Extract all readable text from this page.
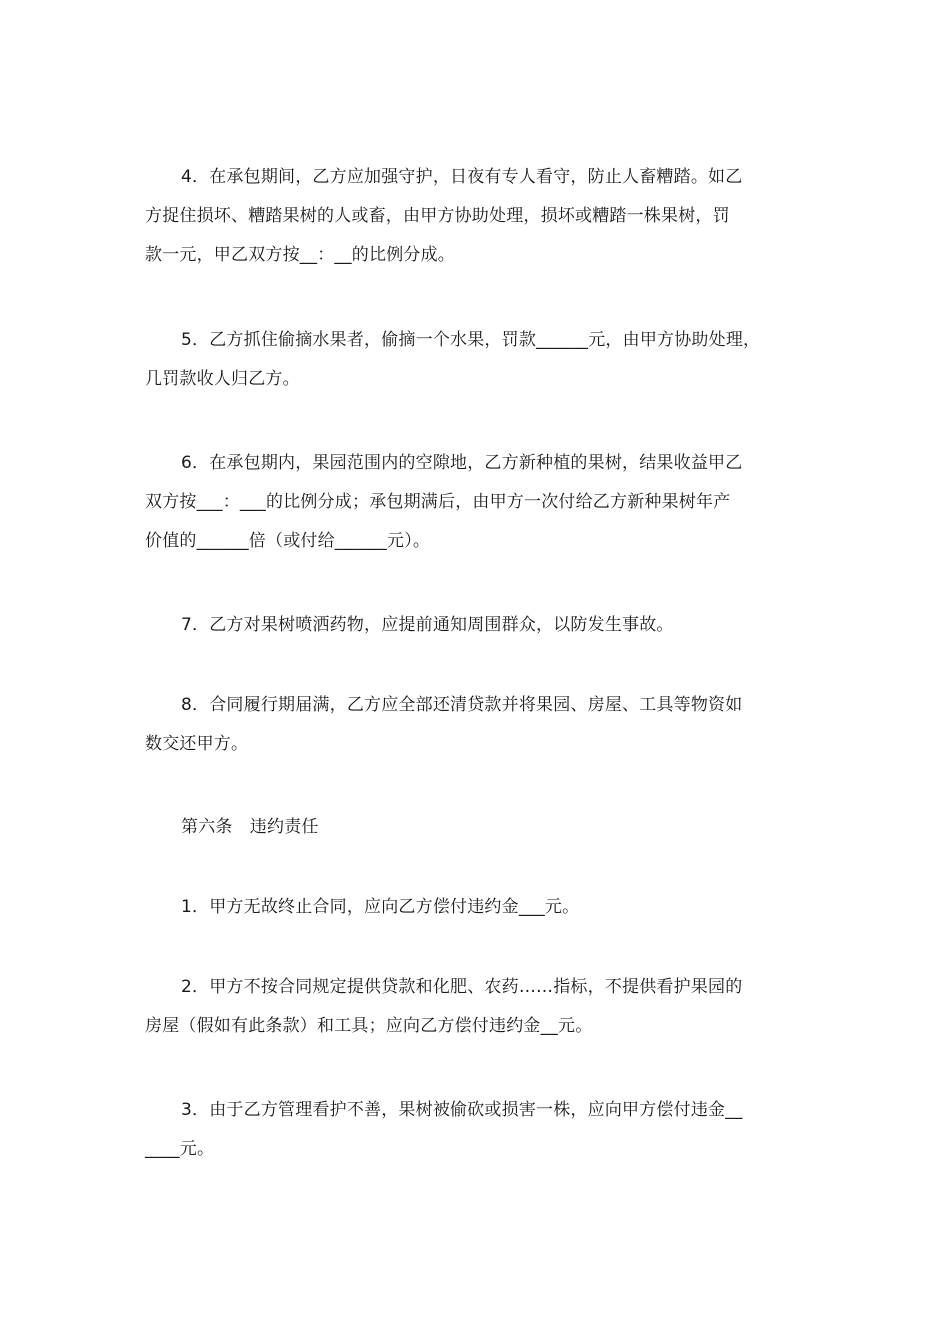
4．在承包期间，乙方应加强守护，日夜有专人看守，防止人畜糟踏。如乙
方捉住损坏、糟踏果树的人或畜，由甲方协助处理，损坏或糟踏一株果树，罚
款一元，甲乙双方按__：__的比例分成。
5．乙方抓住偷摘水果者，偷摘一个水果，罚款______元，由甲方协助处理，
几罚款收人归乙方。
6．在承包期内，果园范围内的空隙地，乙方新种植的果树，结果收益甲乙
双方按___：___的比例分成；承包期满后，由甲方一次付给乙方新种果树年产
价值的______倍（或付给______元）。
7．乙方对果树喷洒药物，应提前通知周围群众，以防发生事故。
8．合同履行期届满，乙方应全部还清贷款并将果园、房屋、工具等物资如
数交还甲方。
第六条　违约责任
1．甲方无故终止合同，应向乙方偿付违约金___元。
2．甲方不按合同规定提供贷款和化肥、农药……指标，不提供看护果园的
房屋（假如有此条款）和工具；应向乙方偿付违约金__元。
3．由于乙方管理看护不善，果树被偷砍或损害一株，应向甲方偿付违金__
____元。
